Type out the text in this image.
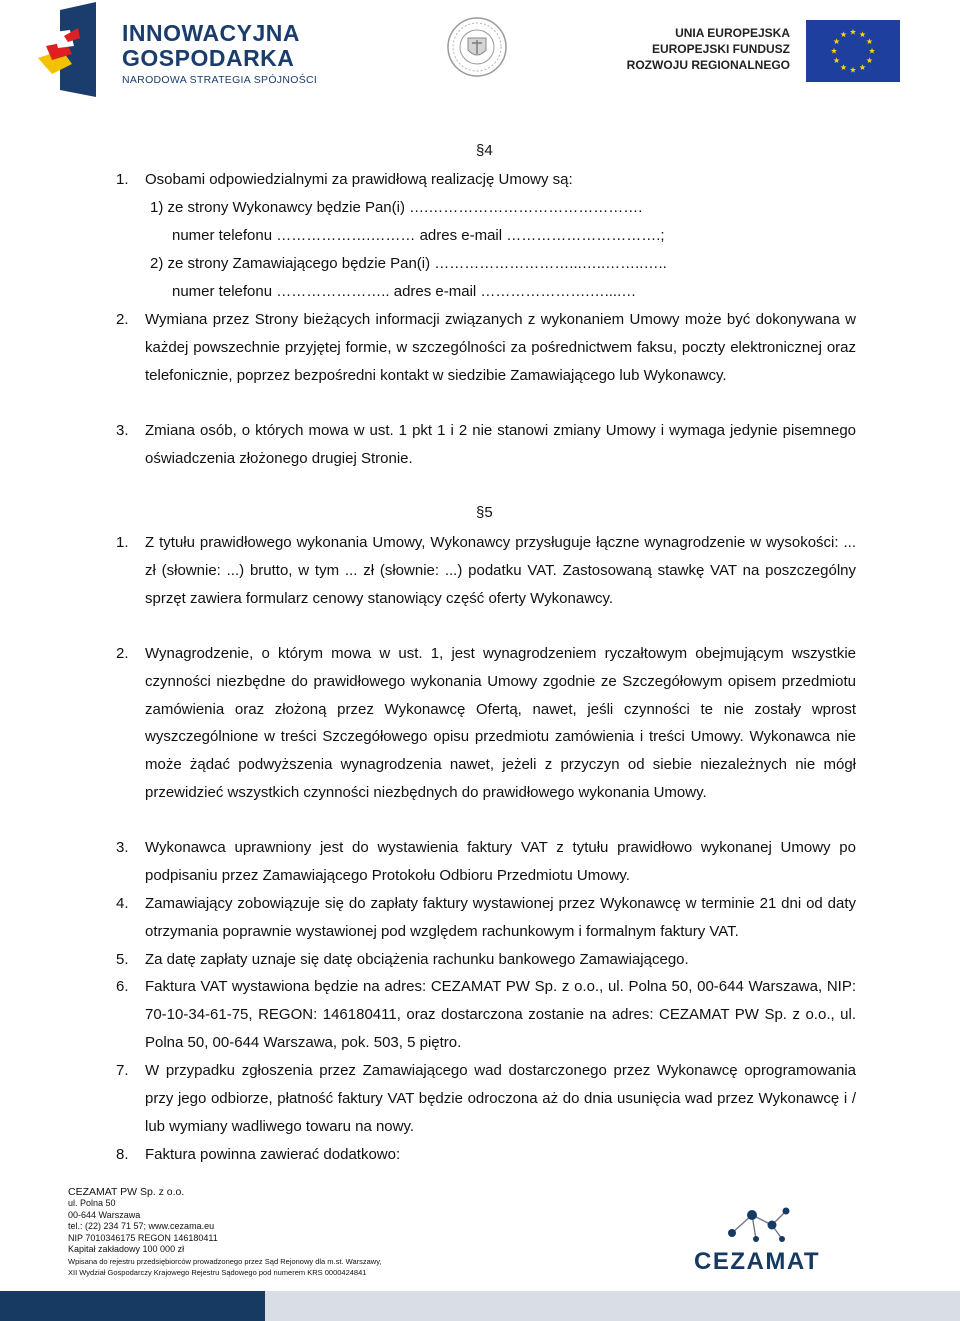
INNOWACYJNA
GOSPODARKA
NARODOWA STRATEGIA SPÓJNOŚCI
UNIA EUROPEJSKA
EUROPEJSKI FUNDUSZ
ROZWOJU REGIONALNEGO
§4
1. Osobami odpowiedzialnymi za prawidłową realizację Umowy są:
1) ze strony Wykonawcy będzie Pan(i) ….…………………………………….
numer telefonu ……………….……… adres e-mail ………………………….;
2) ze strony Zamawiającego będzie Pan(i) ………………………...…..……..…..
numer telefonu ………………….. adres e-mail ………………….…....…
2. Wymiana przez Strony bieżących informacji związanych z wykonaniem Umowy może być dokonywana w każdej powszechnie przyjętej formie, w szczególności za pośrednictwem faksu, poczty elektronicznej oraz telefonicznie, poprzez bezpośredni kontakt w siedzibie Zamawiającego lub Wykonawcy.
3. Zmiana osób, o których mowa w ust. 1 pkt 1 i 2 nie stanowi zmiany Umowy i wymaga jedynie pisemnego oświadczenia złożonego drugiej Stronie.
§5
1. Z tytułu prawidłowego wykonania Umowy, Wykonawcy przysługuje łączne wynagrodzenie w wysokości: ... zł (słownie: ...) brutto, w tym ... zł (słownie: ...) podatku VAT. Zastosowaną stawkę VAT na poszczególny sprzęt zawiera formularz cenowy stanowiący część oferty Wykonawcy.
2. Wynagrodzenie, o którym mowa w ust. 1, jest wynagrodzeniem ryczałtowym obejmującym wszystkie czynności niezbędne do prawidłowego wykonania Umowy zgodnie ze Szczegółowym opisem przedmiotu zamówienia oraz złożoną przez Wykonawcę Ofertą, nawet, jeśli czynności te nie zostały wprost wyszczególnione w treści Szczegółowego opisu przedmiotu zamówienia i treści Umowy. Wykonawca nie może żądać podwyższenia wynagrodzenia nawet, jeżeli z przyczyn od siebie niezależnych nie mógł przewidzieć wszystkich czynności niezbędnych do prawidłowego wykonania Umowy.
3. Wykonawca uprawniony jest do wystawienia faktury VAT z tytułu prawidłowo wykonanej Umowy po podpisaniu przez Zamawiającego Protokołu Odbioru Przedmiotu Umowy.
4. Zamawiający zobowiązuje się do zapłaty faktury wystawionej przez Wykonawcę w terminie 21 dni od daty otrzymania poprawnie wystawionej pod względem rachunkowym i formalnym faktury VAT.
5. Za datę zapłaty uznaje się datę obciążenia rachunku bankowego Zamawiającego.
6. Faktura VAT wystawiona będzie na adres: CEZAMAT PW Sp. z o.o., ul. Polna 50, 00-644 Warszawa, NIP: 70-10-34-61-75, REGON: 146180411, oraz dostarczona zostanie na adres: CEZAMAT PW Sp. z o.o., ul. Polna 50, 00-644 Warszawa, pok. 503, 5 piętro.
7. W przypadku zgłoszenia przez Zamawiającego wad dostarczonego przez Wykonawcę oprogramowania przy jego odbiorze, płatność faktury VAT będzie odroczona aż do dnia usunięcia wad przez Wykonawcę i / lub wymiany wadliwego towaru na nowy.
8. Faktura powinna zawierać dodatkowo:
CEZAMAT PW Sp. z o.o.
ul. Polna 50
00-644 Warszawa
tel.: (22) 234 71 57; www.cezama.eu
NIP 7010346175 REGON 146180411
Kapitał zakładowy 100 000 zł
Wpisana do rejestru przedsiębiorców prowadzonego przez Sąd Rejonowy dla m.st. Warszawy,
XII Wydział Gospodarczy Krajowego Rejestru Sądowego pod numerem KRS 0000424841	CEZAMAT
